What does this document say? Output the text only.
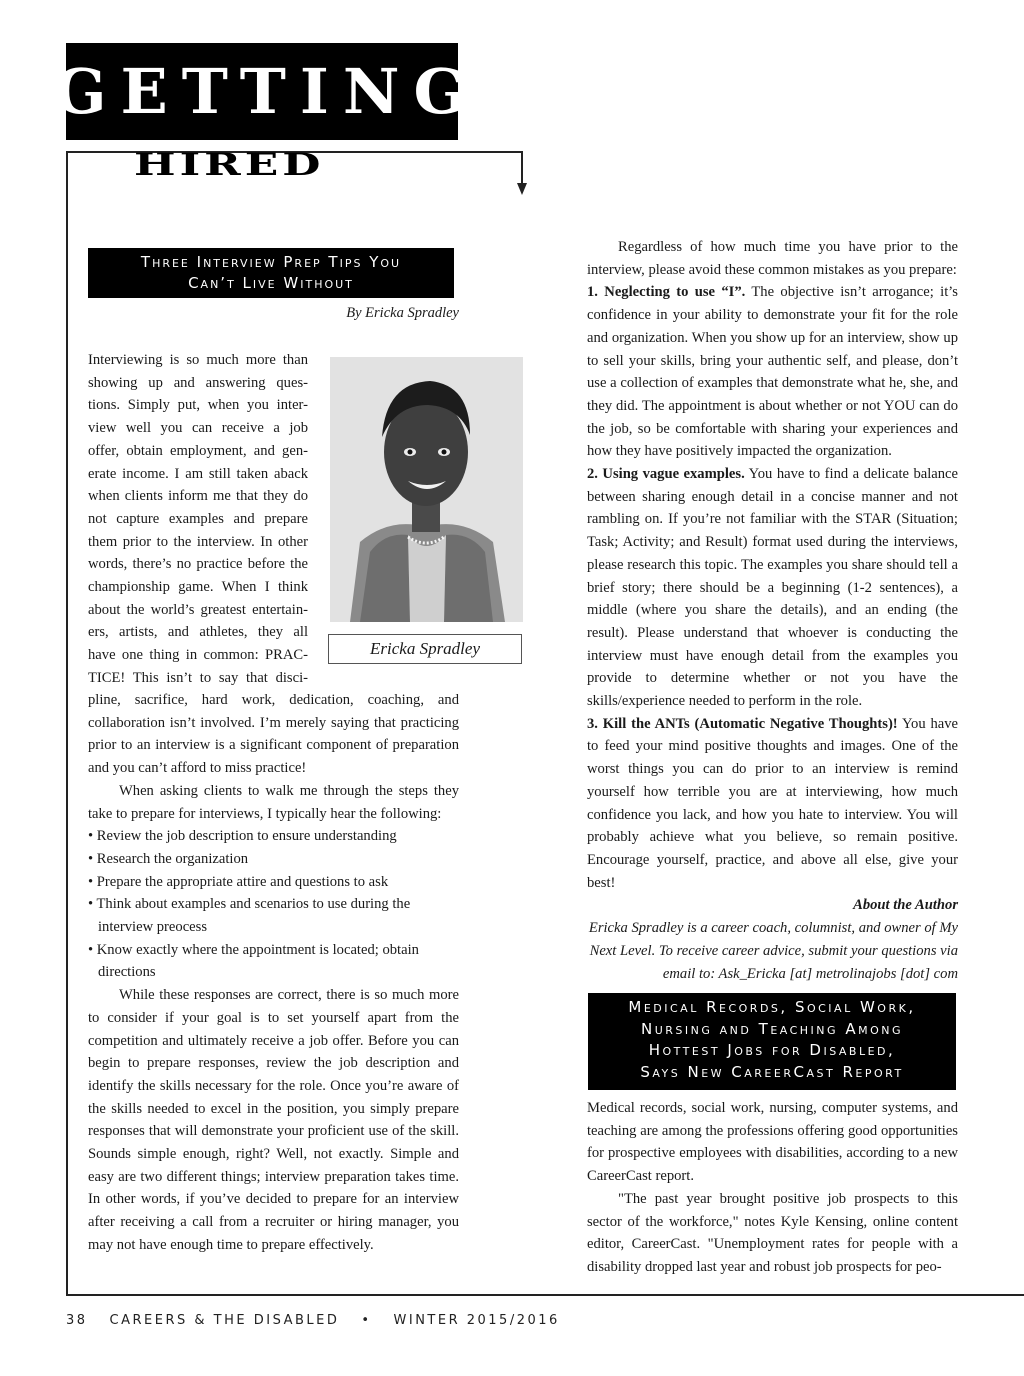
GETTING
HIRED
Three Interview Prep Tips You
Can’t Live Without
By Ericka Spradley
Ericka Spradley
Interviewing is so much more than
showing up and answering ques-
tions. Simply put, when you inter-
view well you can receive a job
offer, obtain employment, and gen-
erate income. I am still taken aback
when clients inform me that they do
not capture examples and prepare
them prior to the interview. In other
words, there’s no practice before the
championship game. When I think
about the world’s greatest entertain-
ers, artists, and athletes, they all
have one thing in common: PRAC-
TICE! This isn’t to say that disci-

pline, sacrifice, hard work, dedication, coaching, and collaboration isn’t involved. I’m merely saying that practicing prior to an interview is a significant component of preparation and you can’t afford to miss practice!

When asking clients to walk me through the steps they take to prepare for interviews, I typically hear the following:

• Review the job description to ensure understanding

• Research the organization

• Prepare the appropriate attire and questions to ask

• Think about examples and scenarios to use during the interview preocess

• Know exactly where the appointment is located; obtain directions

While these responses are correct, there is so much more to consider if your goal is to set yourself apart from the competition and ultimately receive a job offer. Before you can begin to prepare responses, review the job description and identify the skills necessary for the role. Once you’re aware of the skills needed to excel in the position, you simply prepare responses that will demonstrate your proficient use of the skill. Sounds simple enough, right? Well, not exactly. Simple and easy are two different things; interview preparation takes time. In other words, if you’ve decided to prepare for an interview after receiving a call from a recruiter or hiring manager, you may not have enough time to prepare effectively.

Regardless of how much time you have prior to the interview, please avoid these common mistakes as you prepare:

1. Neglecting to use “I”. The objective isn’t arrogance; it’s confidence in your ability to demonstrate your fit for the role and organization. When you show up for an interview, show up to sell your skills, bring your authentic self, and please, don’t use a collection of examples that demonstrate what he, she, and they did. The appointment is about whether or not YOU can do the job, so be comfortable with sharing your experiences and how they have positively impacted the organization.

2. Using vague examples. You have to find a delicate balance between sharing enough detail in a concise manner and not rambling on. If you’re not familiar with the STAR (Situation; Task; Activity; and Result) format used during the interviews, please research this topic. The examples you share should tell a brief story; there should be a beginning (1-2 sentences), a middle (where you share the details), and an ending (the result). Please understand that whoever is conducting the interview must have enough detail from the examples you provide to determine whether or not you have the skills/experience needed to perform in the role.

3. Kill the ANTs (Automatic Negative Thoughts)! You have to feed your mind positive thoughts and images. One of the worst things you can do prior to an interview is remind yourself how terrible you are at interviewing, how much confidence you lack, and how you hate to interview. You will probably achieve what you believe, so remain positive. Encourage yourself, practice, and above all else, give your best!

About the Author

Ericka Spradley is a career coach, columnist, and owner of My Next Level. To receive career advice, submit your questions via email to: Ask_Ericka [at] metrolinajobs [dot] com

Medical Records, Social Work,
Nursing and Teaching Among
Hottest Jobs for Disabled,
Says New CareerCast Report

Medical records, social work, nursing, computer systems, and teaching are among the professions offering good opportunities for prospective employees with disabilities, according to a new CareerCast report.

"The past year brought positive job prospects to this sector of the workforce," notes Kyle Kensing, online content editor, CareerCast. "Unemployment rates for people with a disability dropped last year and robust job prospects for peo-

38 CAREERS & THE DISABLED • WINTER 2015/2016
